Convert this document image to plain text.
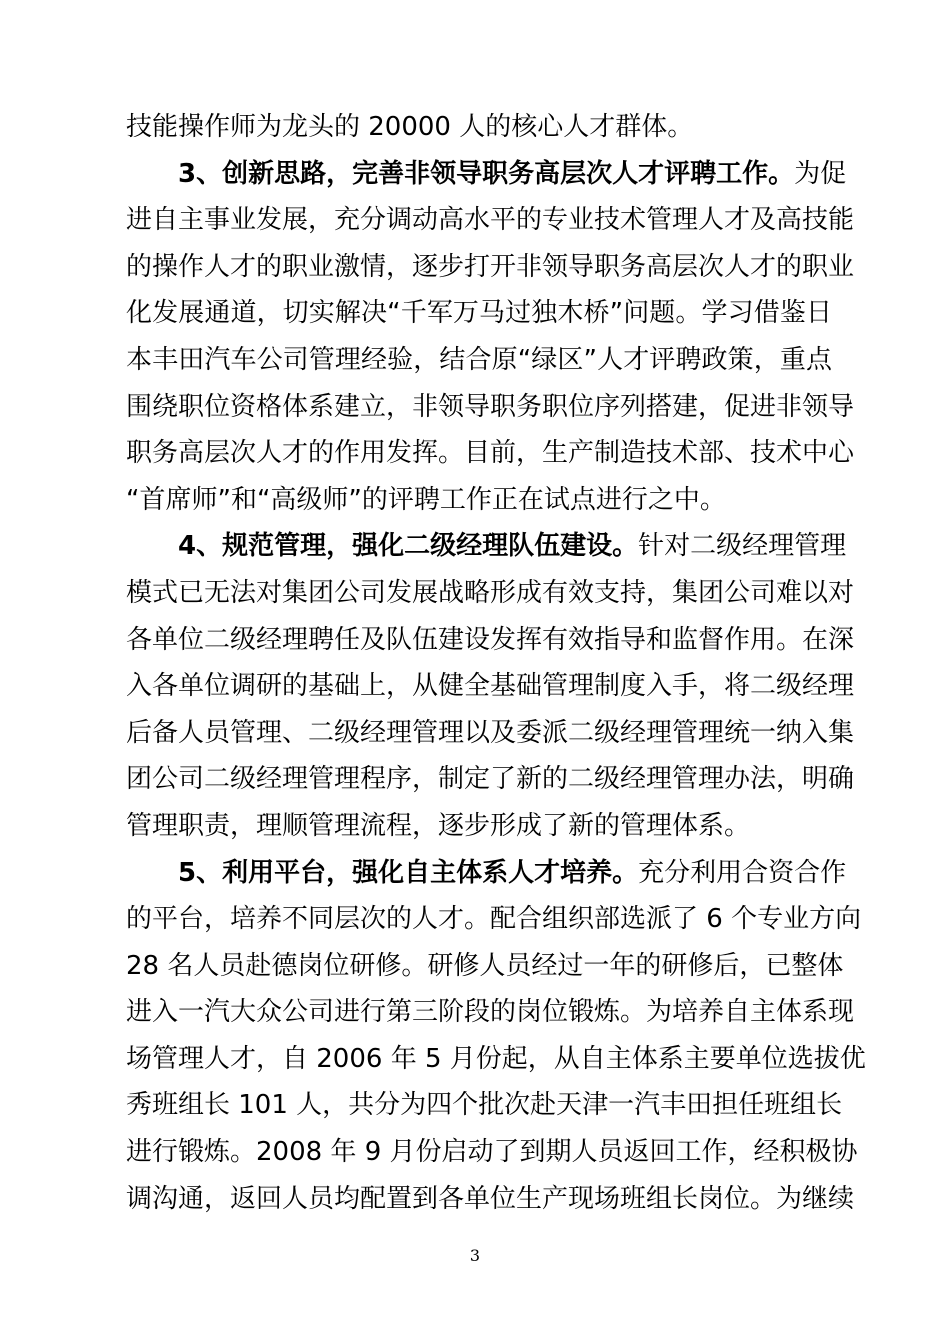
技能操作师为龙头的 20000 人的核心人才群体。
3、创新思路，完善非领导职务高层次人才评聘工作。为促
进自主事业发展，充分调动高水平的专业技术管理人才及高技能
的操作人才的职业激情，逐步打开非领导职务高层次人才的职业
化发展通道，切实解决“千军万马过独木桥”问题。学习借鉴日
本丰田汽车公司管理经验，结合原“绿区”人才评聘政策，重点
围绕职位资格体系建立，非领导职务职位序列搭建，促进非领导
职务高层次人才的作用发挥。目前，生产制造技术部、技术中心
“首席师”和“高级师”的评聘工作正在试点进行之中。
4、规范管理，强化二级经理队伍建设。针对二级经理管理
模式已无法对集团公司发展战略形成有效支持，集团公司难以对
各单位二级经理聘任及队伍建设发挥有效指导和监督作用。在深
入各单位调研的基础上，从健全基础管理制度入手，将二级经理
后备人员管理、二级经理管理以及委派二级经理管理统一纳入集
团公司二级经理管理程序，制定了新的二级经理管理办法，明确
管理职责，理顺管理流程，逐步形成了新的管理体系。
5、利用平台，强化自主体系人才培养。充分利用合资合作
的平台，培养不同层次的人才。配合组织部选派了 6 个专业方向
28 名人员赴德岗位研修。研修人员经过一年的研修后，已整体
进入一汽大众公司进行第三阶段的岗位锻炼。为培养自主体系现
场管理人才，自 2006 年 5 月份起，从自主体系主要单位选拔优
秀班组长 101 人，共分为四个批次赴天津一汽丰田担任班组长
进行锻炼。2008 年 9 月份启动了到期人员返回工作，经积极协
调沟通，返回人员均配置到各单位生产现场班组长岗位。为继续
3
